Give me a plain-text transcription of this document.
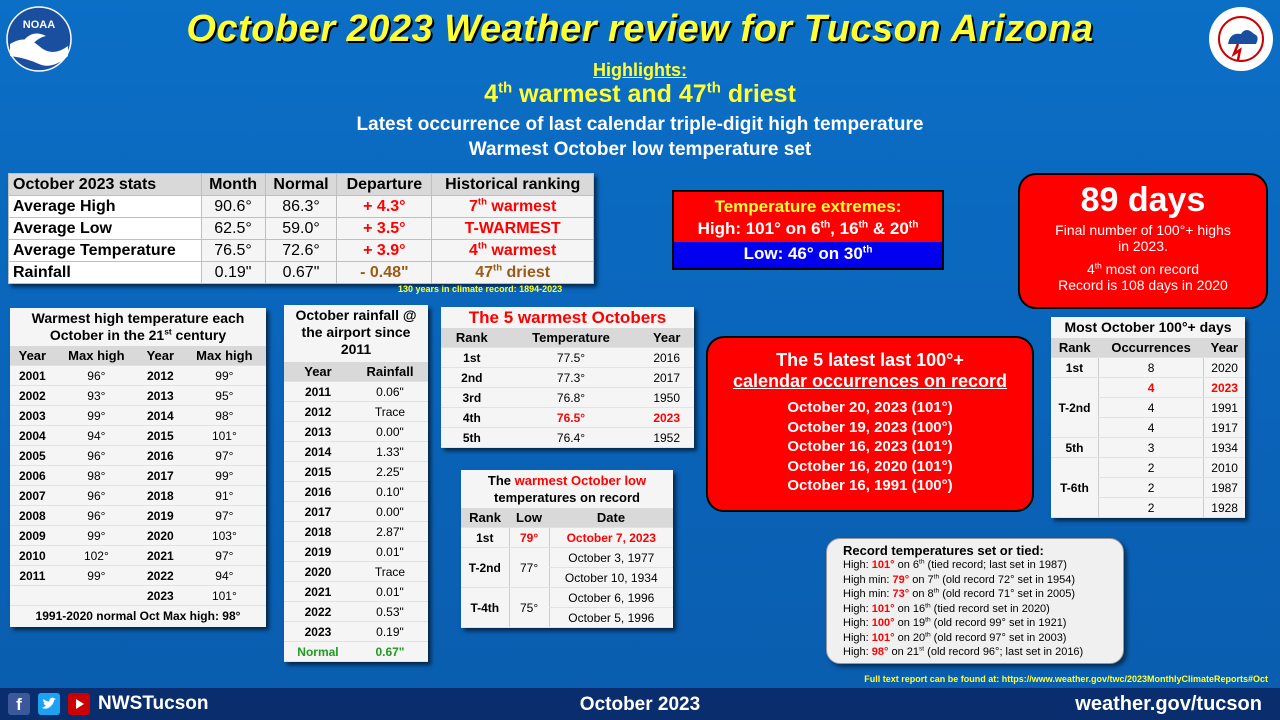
NOAA	October 2023 Weather review for Tucson Arizona
Highlights:
4th warmest and 47th driest
Latest occurrence of last calendar triple-digit high temperature
Warmest October low temperature set
October 2023 stats	Month	Normal	Departure	Historical ranking
Average High	90.6°	86.3°	+ 4.3°	7th warmest
Average Low	62.5°	59.0°	+ 3.5°	T-WARMEST
Average Temperature	76.5°	72.6°	+ 3.9°	4th warmest
Rainfall	0.19"	0.67"	- 0.48"	47th driest
130 years in climate record: 1894-2023
Temperature extremes:
High: 101° on 6th, 16th & 20th
Low: 46° on 30th
89 days
Final number of 100°+ highs
in 2023.
4th most on record
Record is 108 days in 2020
Warmest high temperature each
October in the 21st century
Year	Max high	Year	Max high
2001	96°	2012	99°
2002	93°	2013	95°
2003	99°	2014	98°
2004	94°	2015	101°
2005	96°	2016	97°
2006	98°	2017	99°
2007	96°	2018	91°
2008	96°	2019	97°
2009	99°	2020	103°
2010	102°	2021	97°
2011	99°	2022	94°
		2023	101°
1991-2020 normal Oct Max high: 98°
October rainfall @ the airport since 2011
Year	Rainfall
2011	0.06"
2012	Trace
2013	0.00"
2014	1.33"
2015	2.25"
2016	0.10"
2017	0.00"
2018	2.87"
2019	0.01"
2020	Trace
2021	0.01"
2022	0.53"
2023	0.19"
Normal	0.67"
The 5 warmest Octobers
Rank	Temperature	Year
1st	77.5°	2016
2nd	77.3°	2017
3rd	76.8°	1950
4th	76.5°	2023
5th	76.4°	1952
The warmest October low temperatures on record
Rank	Low	Date
1st	79°	October 7, 2023
T-2nd	77°	October 3, 1977
		October 10, 1934
T-4th	75°	October 6, 1996
		October 5, 1996
The 5 latest last 100°+
calendar occurrences on record
October 20, 2023 (101°)
October 19, 2023 (100°)
October 16, 2023 (101°)
October 16, 2020 (101°)
October 16, 1991 (100°)
Most October 100°+ days
Rank	Occurrences	Year
1st	8	2020
T-2nd	4	2023
	4	1991
	4	1917
5th	3	1934
T-6th	2	2010
	2	1987
	2	1928
Record temperatures set or tied:
High: 101° on 6th (tied record; last set in 1987)
High min: 79° on 7th (old record 72° set in 1954)
High min: 73° on 8th (old record 71° set in 2005)
High: 101° on 16th (tied record set in 2020)
High: 100° on 19th (old record 99° set in 1921)
High: 101° on 20th (old record 97° set in 2003)
High: 98° on 21st (old record 96°; last set in 2016)
Full text report can be found at: https://www.weather.gov/twc/2023MonthlyClimateReports#Oct
f	NWSTucson	October 2023	weather.gov/tucson
